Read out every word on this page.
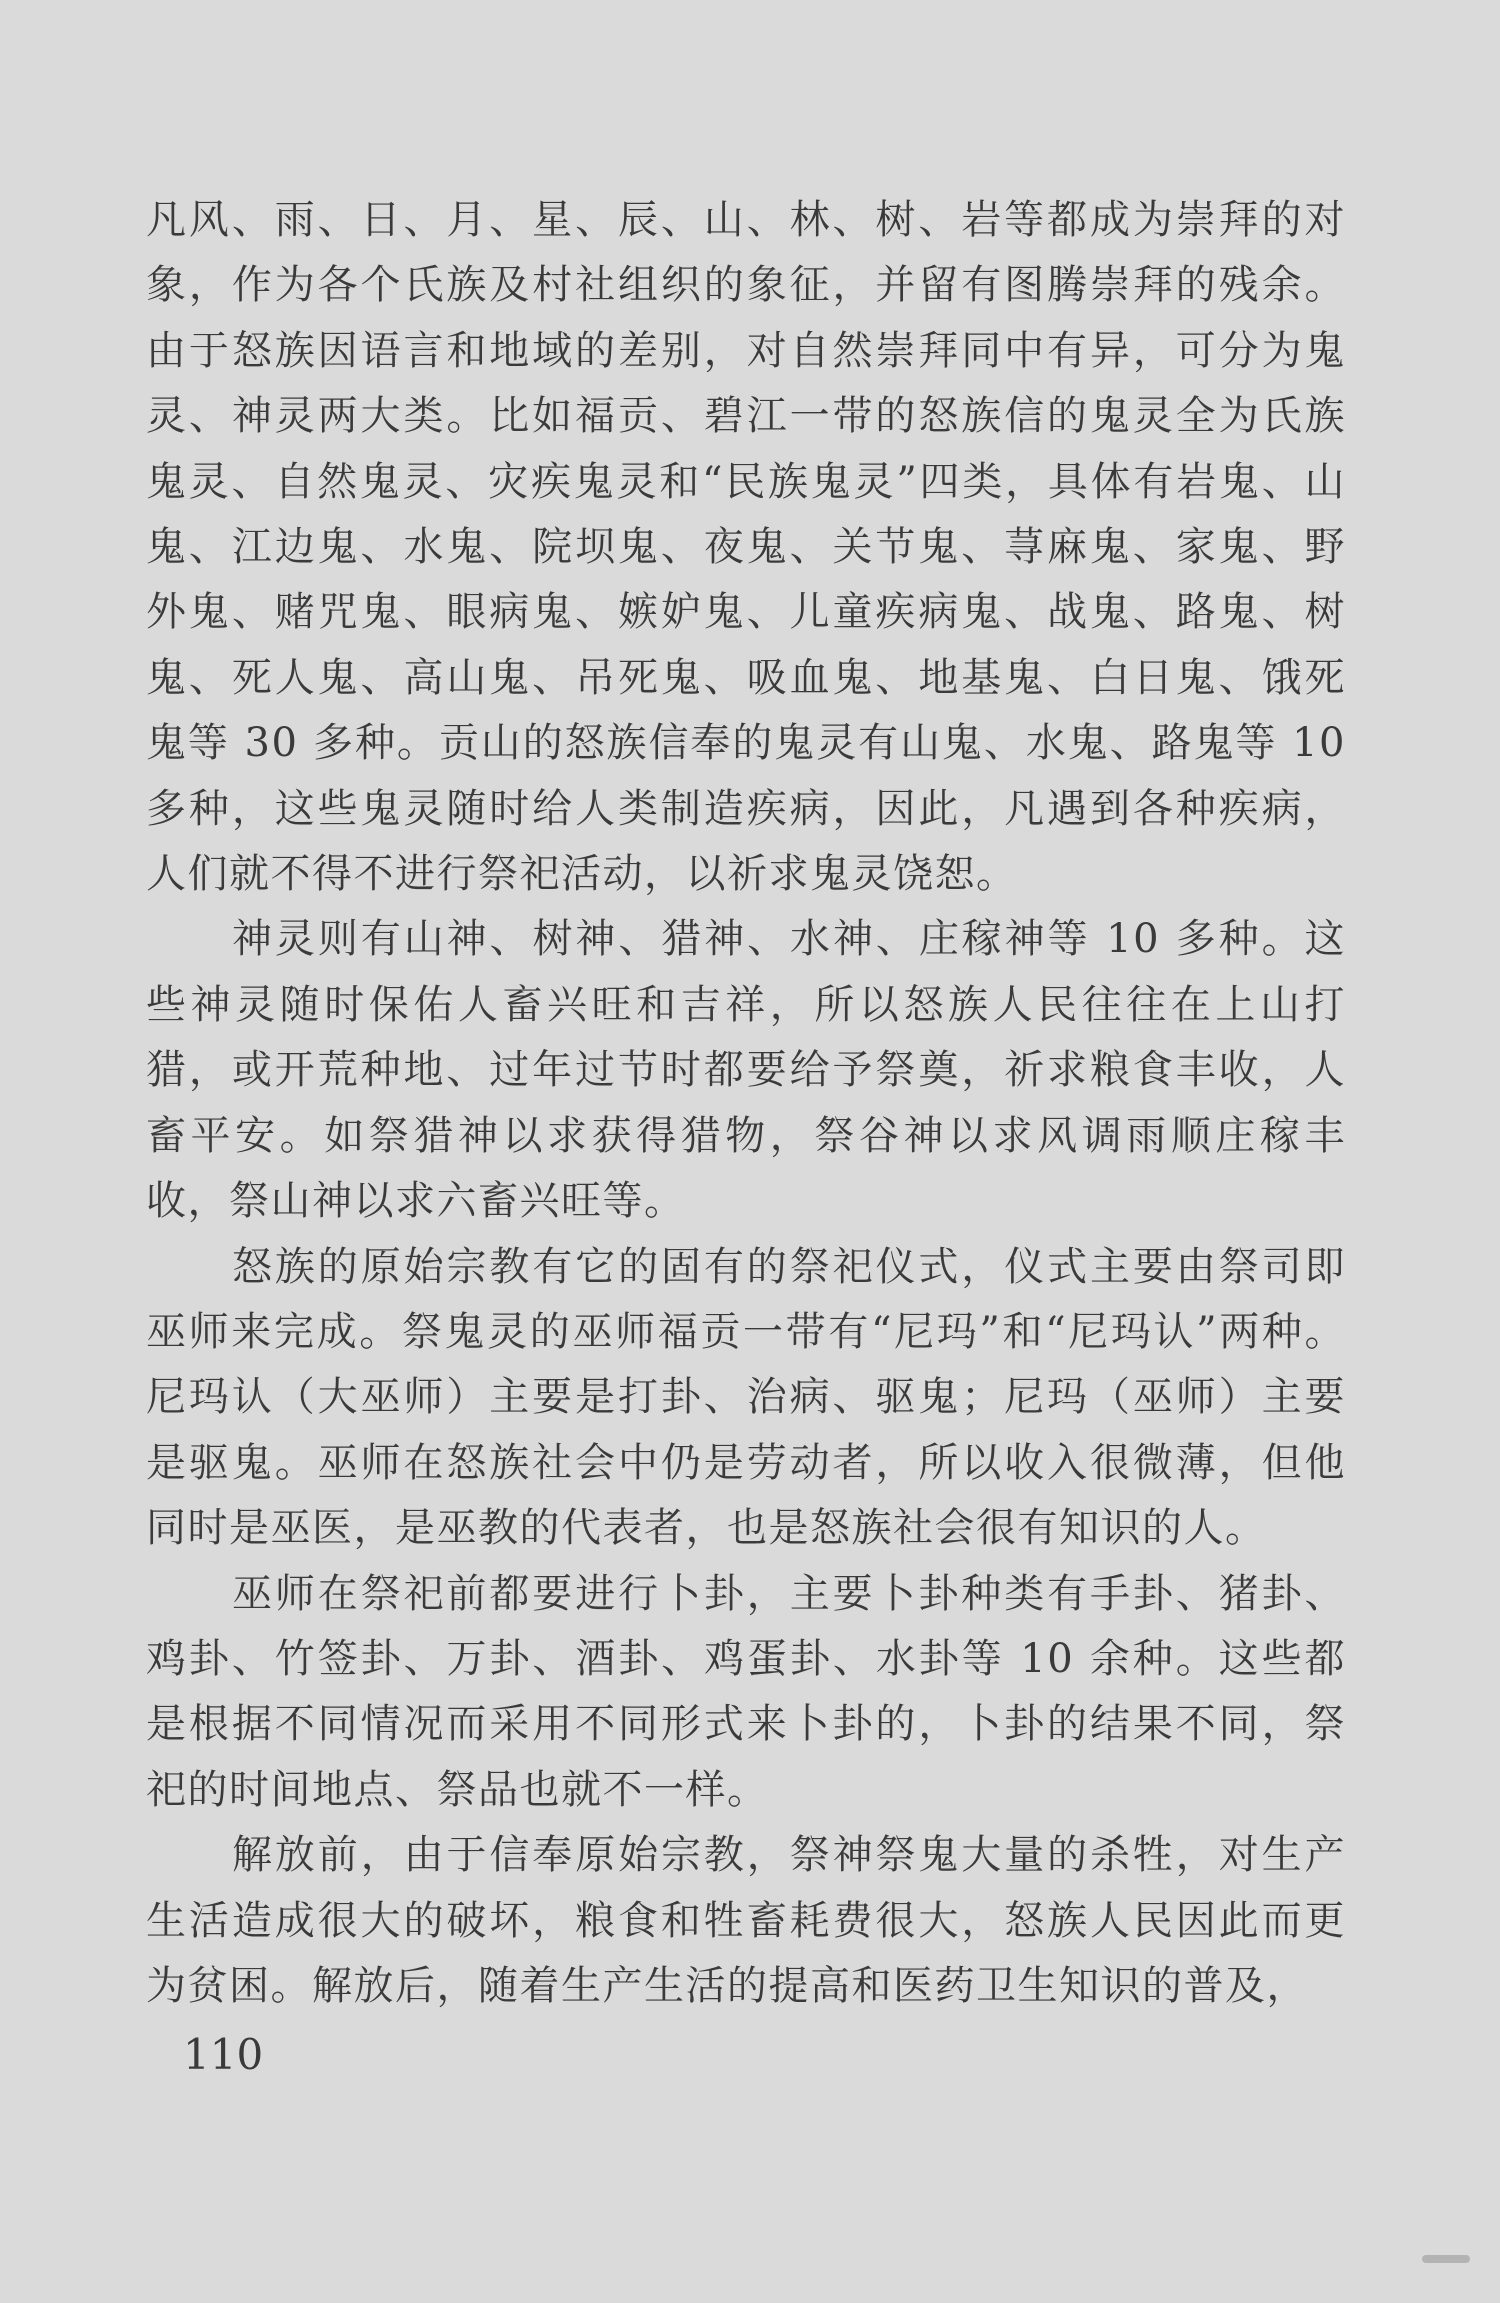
凡风、雨、日、月、星、辰、山、林、树、岩等都成为崇拜的对象，作为各个氏族及村社组织的象征，并留有图腾崇拜的残余。由于怒族因语言和地域的差别，对自然崇拜同中有异，可分为鬼灵、神灵两大类。比如福贡、碧江一带的怒族信的鬼灵全为氏族鬼灵、自然鬼灵、灾疾鬼灵和“民族鬼灵”四类，具体有岩鬼、山鬼、江边鬼、水鬼、院坝鬼、夜鬼、关节鬼、荨麻鬼、家鬼、野外鬼、赌咒鬼、眼病鬼、嫉妒鬼、儿童疾病鬼、战鬼、路鬼、树鬼、死人鬼、高山鬼、吊死鬼、吸血鬼、地基鬼、白日鬼、饿死鬼等 30 多种。贡山的怒族信奉的鬼灵有山鬼、水鬼、路鬼等 10 多种，这些鬼灵随时给人类制造疾病，因此，凡遇到各种疾病，人们就不得不进行祭祀活动，以祈求鬼灵饶恕。

神灵则有山神、树神、猎神、水神、庄稼神等 10 多种。这些神灵随时保佑人畜兴旺和吉祥，所以怒族人民往往在上山打猎，或开荒种地、过年过节时都要给予祭奠，祈求粮食丰收，人畜平安。如祭猎神以求获得猎物，祭谷神以求风调雨顺庄稼丰收，祭山神以求六畜兴旺等。

怒族的原始宗教有它的固有的祭祀仪式，仪式主要由祭司即巫师来完成。祭鬼灵的巫师福贡一带有“尼玛”和“尼玛认”两种。尼玛认（大巫师）主要是打卦、治病、驱鬼；尼玛（巫师）主要是驱鬼。巫师在怒族社会中仍是劳动者，所以收入很微薄，但他同时是巫医，是巫教的代表者，也是怒族社会很有知识的人。

巫师在祭祀前都要进行卜卦，主要卜卦种类有手卦、猪卦、鸡卦、竹签卦、万卦、酒卦、鸡蛋卦、水卦等 10 余种。这些都是根据不同情况而采用不同形式来卜卦的，卜卦的结果不同，祭祀的时间地点、祭品也就不一样。

解放前，由于信奉原始宗教，祭神祭鬼大量的杀牲，对生产生活造成很大的破坏，粮食和牲畜耗费很大，怒族人民因此而更为贫困。解放后，随着生产生活的提高和医药卫生知识的普及，

110
